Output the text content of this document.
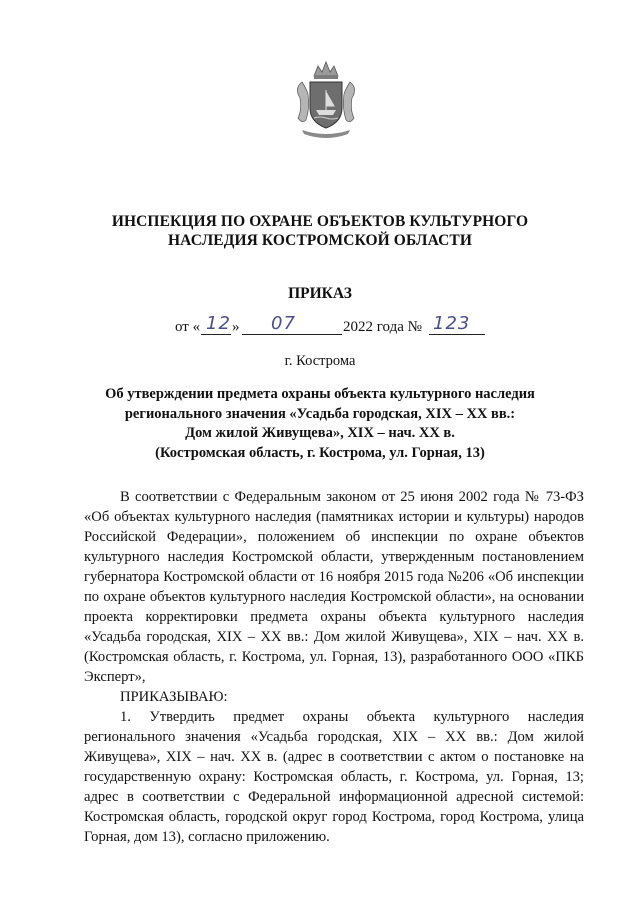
ИНСПЕКЦИЯ ПО ОХРАНЕ ОБЪЕКТОВ КУЛЬТУРНОГО
НАСЛЕДИЯ КОСТРОМСКОЙ ОБЛАСТИ
ПРИКАЗ
от « 12 » 07	2022 года № 123
г. Кострома
Об утверждении предмета охраны объекта культурного наследия
регионального значения «Усадьба городская, XIX – XX вв.:
Дом жилой Живущева», XIX – нач. XX в.
(Костромская область, г. Кострома, ул. Горная, 13)

В соответствии с Федеральным законом от 25 июня 2002 года № 73-ФЗ «Об объектах культурного наследия (памятниках истории и культуры) народов Российской Федерации», положением об инспекции по охране объектов культурного наследия Костромской области, утвержденным постановлением губернатора Костромской области от 16 ноября 2015 года №206 «Об инспекции по охране объектов культурного наследия Костромской области», на основании проекта корректировки предмета охраны объекта культурного наследия «Усадьба городская, XIX – XX вв.: Дом жилой Живущева», XIX – нач. XX в. (Костромская область, г. Кострома, ул. Горная, 13), разработанного ООО «ПКБ Эксперт»,

ПРИКАЗЫВАЮ:

1. Утвердить предмет охраны объекта культурного наследия регионального значения «Усадьба городская, XIX – XX вв.: Дом жилой Живущева», XIX – нач. XX в. (адрес в соответствии с актом о постановке на государственную охрану: Костромская область, г. Кострома, ул. Горная, 13; адрес в соответствии с Федеральной информационной адресной системой: Костромская область, городской округ город Кострома, город Кострома, улица Горная, дом 13), согласно приложению.
